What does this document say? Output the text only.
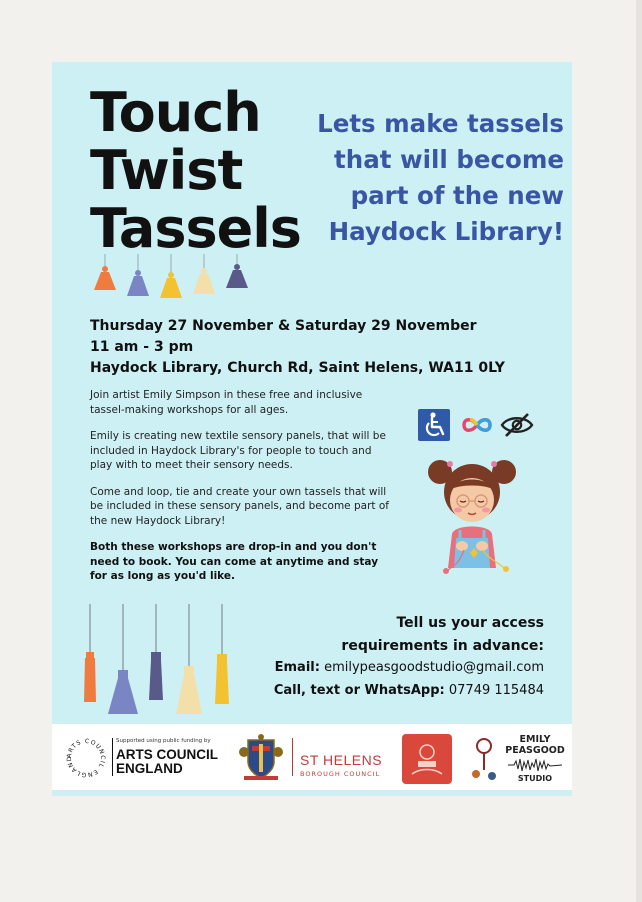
Touch
Twist
Tassels
Lets make tassels
that will become
part of the new
Haydock Library!
Thursday 27 November & Saturday 29 November
11 am - 3 pm
Haydock Library, Church Rd, Saint Helens, WA11 0LY

Join artist Emily Simpson in these free and inclusive tassel-making workshops for all ages.

Emily is creating new textile sensory panels, that will be included in Haydock Library's for people to touch and play with to meet their sensory needs.

Come and loop, tie and create your own tassels that will be included in these sensory panels, and become part of the new Haydock Library!

Both these workshops are drop-in and you don't need to book. You can come at anytime and stay for as long as you'd like.

Tell us your access
requirements in advance:
Email: emilypeasgoodstudio@gmail.com
Call, text or WhatsApp: 07749 115484
ARTS COUNCIL ENGLAND
Supported using public funding by
ARTS COUNCIL
ENGLAND
ST HELENS
BOROUGH COUNCIL
EMILY
PEASGOOD
STUDIO
